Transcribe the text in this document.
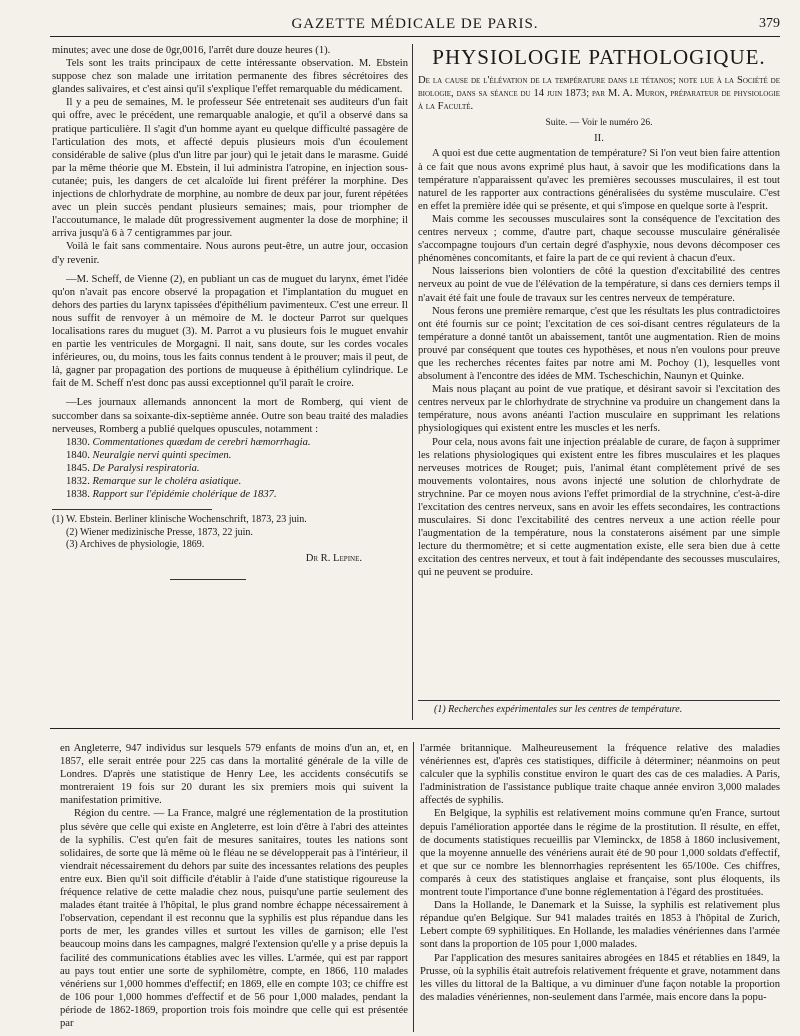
GAZETTE MÉDICALE DE PARIS.	379

minutes; avec une dose de 0gr,0016, l'arrêt dure douze heures (1).

Tels sont les traits principaux de cette intéressante observation. M. Ebstein suppose chez son malade une irritation permanente des fibres sécrétoires des glandes salivaires, et c'est ainsi qu'il s'explique l'effet remarquable du médicament.

Il y a peu de semaines, M. le professeur Sée entretenait ses auditeurs d'un fait qui offre, avec le précédent, une remarquable analogie, et qu'il a observé dans sa pratique particulière. Il s'agit d'un homme ayant eu quelque difficulté passagère de l'articulation des mots, et affecté depuis plusieurs mois d'un écoulement considérable de salive (plus d'un litre par jour) qui le jetait dans le marasme. Guidé par la même théorie que M. Ebstein, il lui administra l'atropine, en injection sous-cutanée; puis, les dangers de cet alcaloïde lui firent préférer la morphine. Des injections de chlorhydrate de morphine, au nombre de deux par jour, furent répétées avec un plein succès pendant plusieurs semaines; mais, pour triompher de l'accoutumance, le malade dût progressivement augmenter la dose de morphine; il arriva jusqu'à 6 à 7 centigrammes par jour.

Voilà le fait sans commentaire. Nous aurons peut-être, un autre jour, occasion d'y revenir.

—M. Scheff, de Vienne (2), en publiant un cas de muguet du larynx, émet l'idée qu'on n'avait pas encore observé la propagation et l'implantation du muguet en dehors des parties du larynx tapissées d'épithélium pavimenteux. C'est une erreur. Il nous suffit de renvoyer à un mémoire de M. le docteur Parrot sur quelques localisations rares du muguet (3). M. Parrot a vu plusieurs fois le muguet envahir en partie les ventricules de Morgagni. Il nait, sans doute, sur les cordes vocales inférieures, ou, du moins, tous les faits connus tendent à le prouver; mais il peut, de là, gagner par propagation des portions de muqueuse à épithélium cylindrique. Le fait de M. Scheff n'est donc pas aussi exceptionnel qu'il paraît le croire.

—Les journaux allemands annoncent la mort de Romberg, qui vient de succomber dans sa soixante-dix-septième année. Outre son beau traité des maladies nerveuses, Romberg a publié quelques opuscules, notamment :

1830. Commentationes quædam de cerebri hæmorrhagia.
1840. Neuralgie nervi quinti specimen.
1845. De Paralysi respiratoria.
1832. Remarque sur le choléra asiatique.
1838. Rapport sur l'épidémie cholérique de 1837.
(1) W. Ebstein. Berliner klinische Wochenschrift, 1873, 23 juin.
(2) Wiener medizinische Presse, 1873, 22 juin.
(3) Archives de physiologie, 1869.
Dr R. Lepine.
PHYSIOLOGIE PATHOLOGIQUE.

De la cause de l'élévation de la température dans le tétanos; note lue à la Société de biologie, dans sa séance du 14 juin 1873; par M. A. Muron, préparateur de physiologie à la Faculté.

Suite. — Voir le numéro 26.
II.

A quoi est due cette augmentation de température? Si l'on veut bien faire attention à ce fait que nous avons exprimé plus haut, à savoir que les modifications dans la température n'apparaissent qu'avec les premières secousses musculaires, il est tout naturel de les rapporter aux contractions généralisées du système musculaire. C'est en effet la première idée qui se présente, et qui s'impose en quelque sorte à l'esprit.

Mais comme les secousses musculaires sont la conséquence de l'excitation des centres nerveux ; comme, d'autre part, chaque secousse musculaire généralisée s'accompagne toujours d'un certain degré d'asphyxie, nous devons décomposer ces phénomènes concomitants, et faire la part de ce qui revient à chacun d'eux.

Nous laisserions bien volontiers de côté la question d'excitabilité des centres nerveux au point de vue de l'élévation de la température, si dans ces derniers temps il n'avait été fait une foule de travaux sur les centres nerveux de température.

Nous ferons une première remarque, c'est que les résultats les plus contradictoires ont été fournis sur ce point; l'excitation de ces soi-disant centres régulateurs de la température a donné tantôt un abaissement, tantôt une augmentation. Rien de moins prouvé par conséquent que toutes ces hypothèses, et nous n'en voulons pour preuve que les recherches récentes faites par notre ami M. Pochoy (1), lesquelles vont absolument à l'encontre des idées de MM. Tscheschichin, Naunyn et Quinke.

Mais nous plaçant au point de vue pratique, et désirant savoir si l'excitation des centres nerveux par le chlorhydrate de strychnine va produire un changement dans la température, nous avons anéanti l'action musculaire en supprimant les relations physiologiques qui existent entre les muscles et les nerfs.

Pour cela, nous avons fait une injection préalable de curare, de façon à supprimer les relations physiologiques qui existent entre les fibres musculaires et les plaques nerveuses motrices de Rouget; puis, l'animal étant complètement privé de ses mouvements volontaires, nous avons injecté une solution de chlorhydrate de strychnine. Par ce moyen nous avions l'effet primordial de la strychnine, c'est-à-dire l'excitation des centres nerveux, sans en avoir les effets secondaires, les contractions musculaires. Si donc l'excitabilité des centres nerveux a une action réelle pour l'augmentation de la température, nous la constaterons aisément par une simple lecture du thermomètre; et si cette augmentation existe, elle sera bien due à cette excitation des centres nerveux, et tout à fait indépendante des secousses musculaires, qui ne peuvent se produire.

(1) Recherches expérimentales sur les centres de température.

en Angleterre, 947 individus sur lesquels 579 enfants de moins d'un an, et, en 1857, elle serait entrée pour 225 cas dans la mortalité générale de la ville de Londres. D'après une statistique de Henry Lee, les accidents consécutifs se montreraient 19 fois sur 20 durant les six premiers mois qui suivent la manifestation primitive.

Région du centre. — La France, malgré une réglementation de la prostitution plus sévère que celle qui existe en Angleterre, est loin d'être à l'abri des atteintes de la syphilis. C'est qu'en fait de mesures sanitaires, toutes les nations sont solidaires, de sorte que là même où le fléau ne se développerait pas à l'intérieur, il viendrait nécessairement du dehors par suite des incessantes relations des peuples entre eux. Bien qu'il soit difficile d'établir à l'aide d'une statistique rigoureuse la fréquence relative de cette maladie chez nous, puisqu'une partie seulement des malades étant traitée à l'hôpital, le plus grand nombre échappe nécessairement à l'observation, cependant il est reconnu que la syphilis est plus répandue dans les ports de mer, les grandes villes et surtout les villes de garnison; elle l'est beaucoup moins dans les campagnes, malgré l'extension qu'elle y a prise depuis la facilité des communications établies avec les villes. L'armée, qui est par rapport au pays tout entier une sorte de syphilomètre, compte, en 1866, 110 malades vénériens sur 1,000 hommes d'effectif; en 1869, elle en compte 103; ce chiffre est de 106 pour 1,000 hommes d'effectif et de 56 pour 1,000 malades, pendant la période de 1862-1869, proportion trois fois moindre que celle qui est présentée par

l'armée britannique. Malheureusement la fréquence relative des maladies vénériennes est, d'après ces statistiques, difficile à déterminer; néanmoins on peut calculer que la syphilis constitue environ le quart des cas de ces maladies. A Paris, l'administration de l'assistance publique traite chaque année environ 3,000 malades affectés de syphilis.

En Belgique, la syphilis est relativement moins commune qu'en France, surtout depuis l'amélioration apportée dans le régime de la prostitution. Il résulte, en effet, de documents statistiques recueillis par Vleminckx, de 1858 à 1860 inclusivement, que la moyenne annuelle des vénériens aurait été de 90 pour 1,000 soldats d'effectif, et que sur ce nombre les blennorrhagies représentent les 65/100e. Ces chiffres, comparés à ceux des statistiques anglaise et française, sont plus éloquents, ils montrent toute l'importance d'une bonne réglementation à l'égard des prostituées.

Dans la Hollande, le Danemark et la Suisse, la syphilis est relativement plus répandue qu'en Belgique. Sur 941 malades traités en 1853 à l'hôpital de Zurich, Lebert compte 69 syphilitiques. En Hollande, les maladies vénériennes dans l'armée sont dans la proportion de 105 pour 1,000 malades.

Par l'application des mesures sanitaires abrogées en 1845 et rétablies en 1849, la Prusse, où la syphilis était autrefois relativement fréquente et grave, notamment dans les villes du littoral de la Baltique, a vu diminuer d'une façon notable la proportion des maladies vénériennes, non-seulement dans l'armée, mais encore dans la popu-
